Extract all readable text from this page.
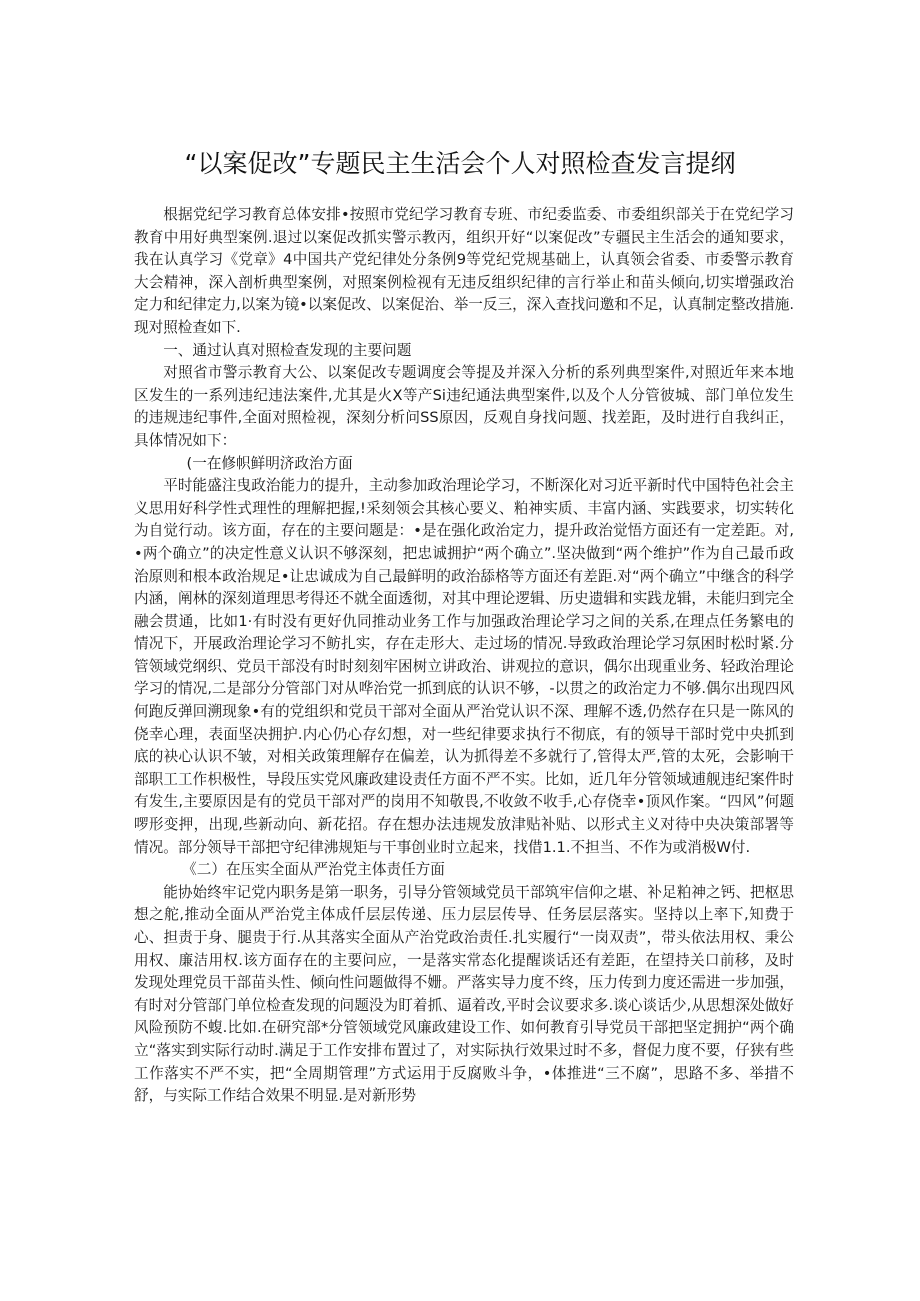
“以案促改”专题民主生活会个人对照检查发言提纲

根据党纪学习教育总体安排•按照市党纪学习教育专班、市纪委监委、市委组织部关于在党纪学习教育中用好典型案例.退过以案促改抓实警示教丙，组织开好“以案促改”专疆民主生活会的通知要求，我在认真学习《党章》4中国共产党纪律处分条例9等党纪党规基础上，认真领会省委、市委警示教育大会精神，深入剖析典型案例，对照案例检视有无违反组织纪律的言行举止和苗头倾向,切实增强政治定力和纪律定力,以案为镜•以案促改、以案促治、举一反三，深入查找问邀和不足，认真制定整改措施.现对照检查如下.

一、通过认真对照检查发现的主要问题

对照省市警示教育大公、以案促改专题调度会等提及并深入分析的系列典型案件,对照近年来本地区发生的一系列违纪违法案件,尤其是火X等产Si违纪通法典型案件,以及个人分管彼城、部门单位发生的违规违纪事件,全面对照检视，深刻分析问SS原因，反观自身找问题、找差距，及时进行自我纠正，具体情况如下：

(一在修帜鲜明济政治方面

平时能盛注曳政治能力的提升，主动参加政治理论学习，不断深化对习近平新时代中国特色社会主义思用好科学性式理性的理解把握,!采刻领会其核心要义、粕神实质、丰富内涵、实践要求，切实转化为自觉行动。该方面，存在的主要问题是：•是在强化政治定力，提升政治觉悟方面还有一定差距。对,•两个确立”的决定性意义认识不够深刻，把忠诚拥护“两个确立”.坚决做到“两个维护”作为自己最币政治原则和根本政治规足•让忠诚成为自己最鲜明的政治舔格等方面还有差距.对“两个确立”中继含的科学内涵，阐林的深刻道理思考得还不就全面透彻，对其中理论逻辑、历史遗辑和实践龙辑，未能归到完全融会贯通，比如1·有时没有更好仇同推动业务工作与加强政治理论学习之间的关系,在理点任务繁电的情况下，开展政治理论学习不鲂扎实，存在走形大、走过场的情况.导致政治理论学习氛困时松时紧.分管领域党纲织、党员干部没有时时刻刻牢困树立讲政治、讲观拉的意识，偶尔出现重业务、轻政治理论学习的情况,二是部分分管部门对从哗治党一抓到底的认识不够，-以贯之的政治定力不够.偶尔出现四风何跑反弹回溯现象•有的党组织和党员干部对全面从严治党认识不深、理解不透,仍然存在只是一陈风的侥幸心理，表面坚决拥护.内心仍心存幻想，对一些纪律要求执行不彻底，有的领导干部时党中央抓到底的袂心认识不皱，对相关政策理解存在偏差，认为抓得差不多就行了,管得太严,管的太死，会影响干部职工工作枳极性，导段压实党风廉政建设责任方面不严不实。比如，近几年分管领域逋舰违纪案件时有发生,主要原因是有的党员干部对严的岗用不知敬畏,不收敛不收手,心存侥幸•顶风作案。“四风”何题啰形变押，出现,些新动向、新花招。存在想办法违规发放津贴补贴、以形式主义对待中央决策部署等情况。部分领导干部把守纪律沸规矩与干事创业时立起来，找借1.1.不担当、不作为或消极W付.

《二）在压实全面从严治党主体责任方面

能协始终牢记党内职务是第一职务，引导分管领域党员干部筑牢信仰之堪、补足粕神之钙、把枢思想之舵,推动全面从严治党主体成仟层层传递、压力层层传导、任务层层落实。坚持以上率下,知费于心、担责于身、腿贵于行.从其落实全面从产治党政治责任.扎实履行“一岗双责”，带头依法用权、秉公用权、廉洁用权.该方面存在的主要问应，一是落实常态化提醒谈话还有差距，在望持关口前移，及时发现处理党员干部苗头性、倾向性问题做得不姗。严落实导力度不终，压力传到力度还需进一步加强，有时对分管部门单位检查发现的问题没为盯着抓、逼着改,平时会议要求多.谈心谈话少,从思想深处做好风险预防不蝮.比如.在研究部*分管领域党风廉政建设工作、如何教育引导党员干部把坚定拥护“两个确立“落实到实际行动时.满足于工作安排布置过了，对实际执行效果过时不多，督促力度不要，仔狭有些工作落实不严不实，把“全周期管理”方式运用于反腐败斗争，•体推进“三不腐”，思路不多、举措不舒，与实际工作结合效果不明显.是对新形势
